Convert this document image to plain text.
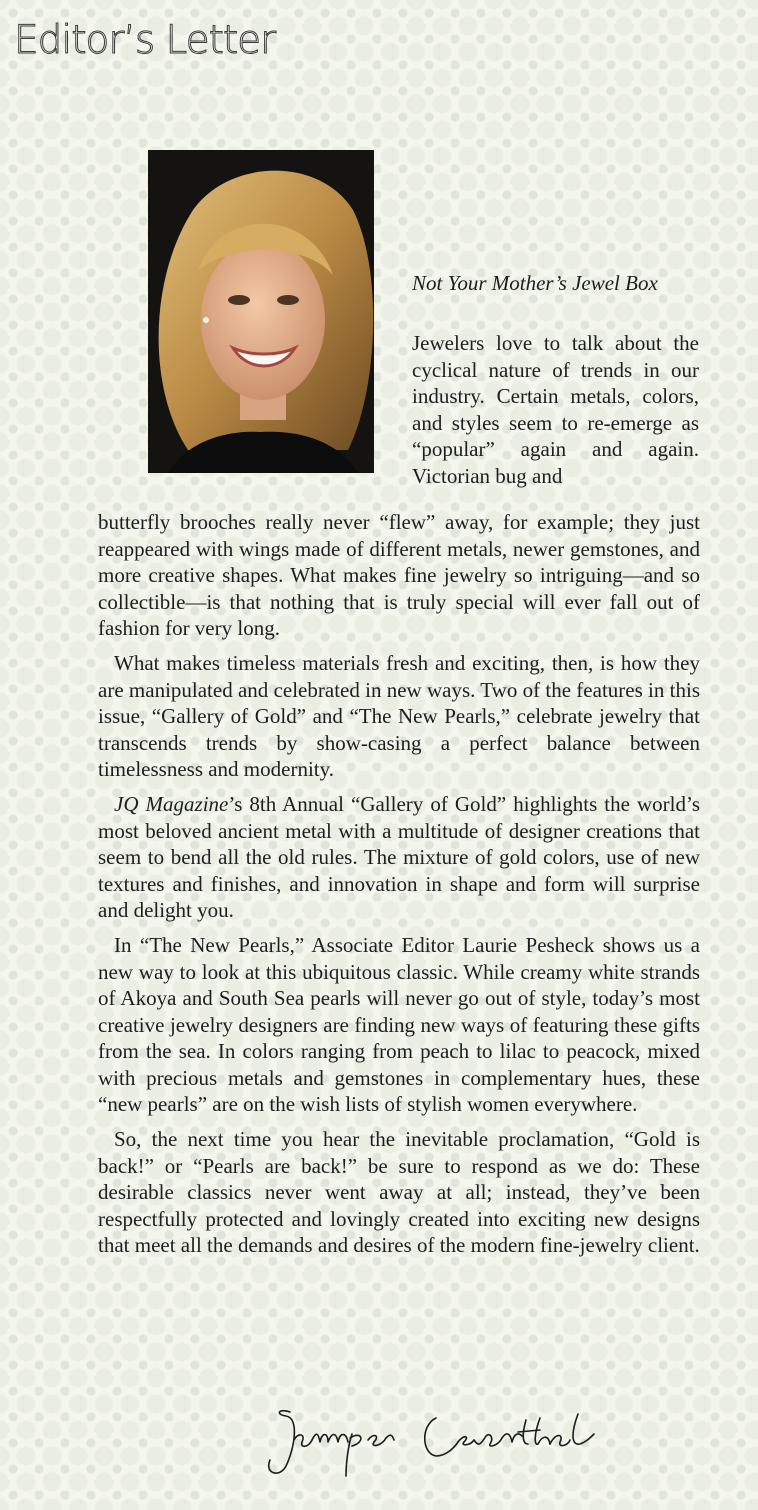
Editor’s Letter

Not Your Mother’s Jewel Box

Jewelers love to talk about the cyclical nature of trends in our industry. Certain metals, colors, and styles seem to re-emerge as “popular” again and again. Victorian bug and

butterfly brooches really never “flew” away, for example; they just reappeared with wings made of different metals, newer gemstones, and more creative shapes. What makes fine jewelry so intriguing—and so collectible—is that nothing that is truly special will ever fall out of fashion for very long.

What makes timeless materials fresh and exciting, then, is how they are manipulated and celebrated in new ways. Two of the features in this issue, “Gallery of Gold” and “The New Pearls,” celebrate jewelry that transcends trends by show-casing a perfect balance between timelessness and modernity.

JQ Magazine’s 8th Annual “Gallery of Gold” highlights the world’s most beloved ancient metal with a multitude of designer creations that seem to bend all the old rules. The mixture of gold colors, use of new textures and finishes, and innovation in shape and form will surprise and delight you.

In “The New Pearls,” Associate Editor Laurie Pesheck shows us a new way to look at this ubiquitous classic. While creamy white strands of Akoya and South Sea pearls will never go out of style, today’s most creative jewelry designers are finding new ways of featuring these gifts from the sea. In colors ranging from peach to lilac to peacock, mixed with precious metals and gemstones in complementary hues, these “new pearls” are on the wish lists of stylish women everywhere.

So, the next time you hear the inevitable proclamation, “Gold is back!” or “Pearls are back!” be sure to respond as we do: These desirable classics never went away at all; instead, they’ve been respectfully protected and lovingly created into exciting new designs that meet all the demands and desires of the modern fine-jewelry client.
